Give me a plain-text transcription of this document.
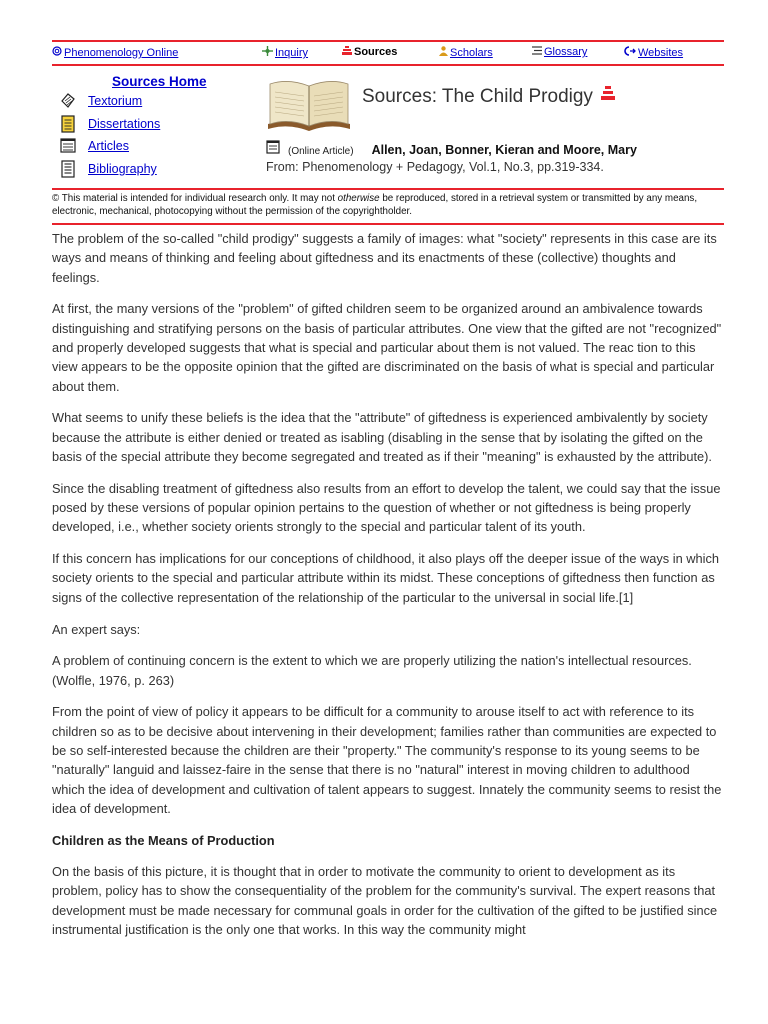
Phenomenology Online	Inquiry	Sources	Scholars	Glossary	Websites
Sources Home
Textorium
Dissertations
Articles
Bibliography
Sources: The Child Prodigy
(Online Article) Allen, Joan, Bonner, Kieran and Moore, Mary
From: Phenomenology + Pedagogy, Vol.1, No.3, pp.319-334.
© This material is intended for individual research only. It may not otherwise be reproduced, stored in a retrieval system or transmitted by any means, electronic, mechanical, photocopying without the permission of the copyrightholder.

The problem of the so-called "child prodigy" suggests a family of images: what "society" represents in this case are its ways and means of thinking and feeling about giftedness and its enactments of these (collective) thoughts and feelings.

At first, the many versions of the "problem" of gifted children seem to be organized around an ambivalence towards distinguishing and stratifying persons on the basis of particular attributes. One view that the gifted are not "recognized" and properly developed suggests that what is special and particular about them is not valued. The reac tion to this view appears to be the opposite opinion that the gifted are discriminated on the basis of what is special and particular about them.

What seems to unify these beliefs is the idea that the "attribute" of giftedness is experienced ambivalently by society because the attribute is either denied or treated as isabling (disabling in the sense that by isolating the gifted on the basis of the special attribute they become segregated and treated as if their "meaning" is exhausted by the attribute).

Since the disabling treatment of giftedness also results from an effort to develop the talent, we could say that the issue posed by these versions of popular opinion pertains to the question of whether or not giftedness is being properly developed, i.e., whether society orients strongly to the special and particular talent of its youth.

If this concern has implications for our conceptions of childhood, it also plays off the deeper issue of the ways in which society orients to the special and particular attribute within its midst. These conceptions of giftedness then function as signs of the collective representation of the relationship of the particular to the universal in social life.[1]

An expert says:

A problem of continuing concern is the extent to which we are properly utilizing the nation's intellectual resources. (Wolfle, 1976, p. 263)

From the point of view of policy it appears to be difficult for a community to arouse itself to act with reference to its children so as to be decisive about intervening in their development; families rather than communities are expected to be so self-interested because the children are their "property." The community's response to its young seems to be "naturally" languid and laissez-faire in the sense that there is no "natural" interest in moving children to adulthood which the idea of development and cultivation of talent appears to suggest. Innately the community seems to resist the idea of development.

Children as the Means of Production

On the basis of this picture, it is thought that in order to motivate the community to orient to development as its problem, policy has to show the consequentiality of the problem for the community's survival. The expert reasons that development must be made necessary for communal goals in order for the cultivation of the gifted to be justified since instrumental justification is the only one that works. In this way the community might
